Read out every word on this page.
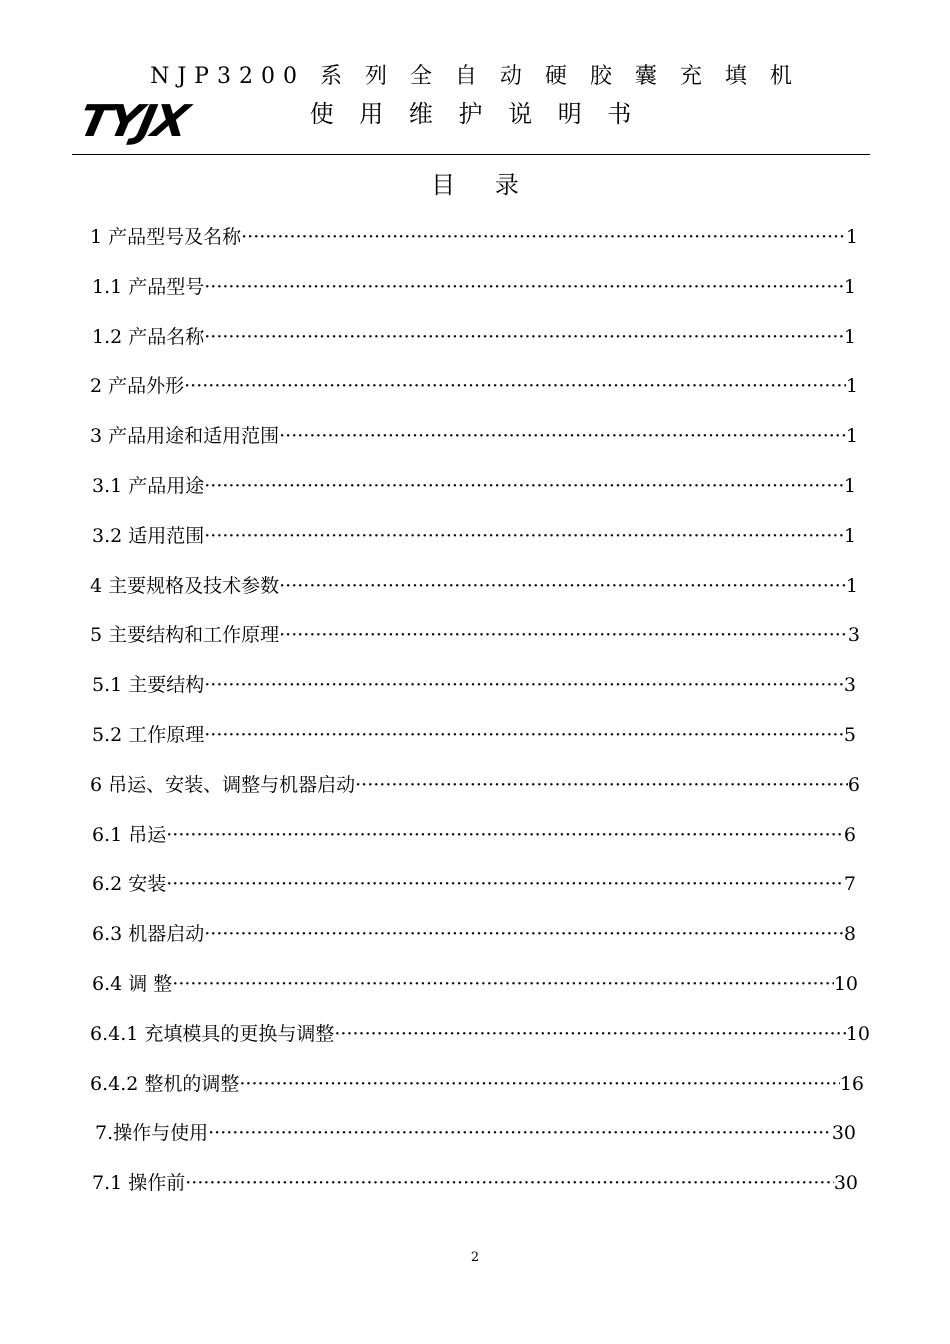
TYJX
NJP3200 系 列 全 自 动 硬 胶 囊 充 填 机
使 用 维 护 说 明 书
目 录
1 产品型号及名称 ·····	1
1.1 产品型号 ·····	1
1.2 产品名称 ·····	1
2 产品外形 ·····	1
3 产品用途和适用范围 ·····	1
3.1 产品用途 ·····	1
3.2 适用范围 ·····	1
4 主要规格及技术参数 ·····	1
5 主要结构和工作原理 ·····	3
5.1 主要结构 ·····	3
5.2 工作原理 ·····	5
6 吊运、安装、调整与机器启动 ·····	6
6.1 吊运 ·····	6
6.2 安装 ·····	7
6.3 机器启动 ·····	8
6.4 调 整 ·····	10
6.4.1 充填模具的更换与调整 ·····	10
6.4.2 整机的调整 ·····	16
7.操作与使用 ·····	30
7.1 操作前 ·····	30
2
